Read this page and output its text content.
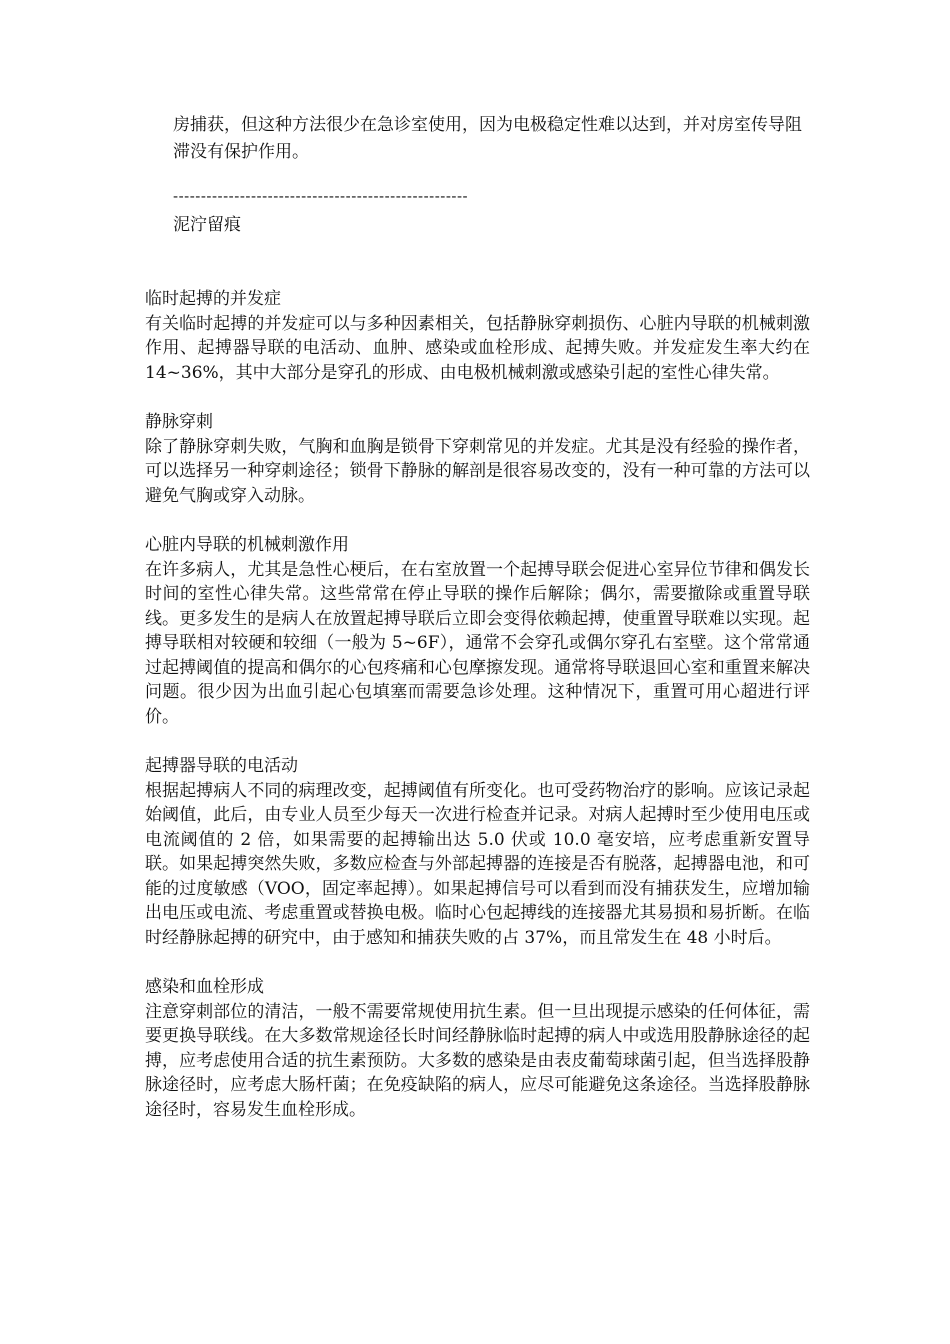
房捕获，但这种方法很少在急诊室使用，因为电极稳定性难以达到，并对房室传导阻滞没有保护作用。
-----------------------------------------------------
泥泞留痕
临时起搏的并发症
有关临时起搏的并发症可以与多种因素相关，包括静脉穿刺损伤、心脏内导联的机械刺激作用、起搏器导联的电活动、血肿、感染或血栓形成、起搏失败。并发症发生率大约在 14~36%，其中大部分是穿孔的形成、由电极机械刺激或感染引起的室性心律失常。
静脉穿刺
除了静脉穿刺失败，气胸和血胸是锁骨下穿刺常见的并发症。尤其是没有经验的操作者，可以选择另一种穿刺途径；锁骨下静脉的解剖是很容易改变的，没有一种可靠的方法可以避免气胸或穿入动脉。
心脏内导联的机械刺激作用
在许多病人，尤其是急性心梗后，在右室放置一个起搏导联会促进心室异位节律和偶发长时间的室性心律失常。这些常常在停止导联的操作后解除；偶尔，需要撤除或重置导联线。更多发生的是病人在放置起搏导联后立即会变得依赖起搏，使重置导联难以实现。起搏导联相对较硬和较细（一般为 5~6F），通常不会穿孔或偶尔穿孔右室壁。这个常常通过起搏阈值的提高和偶尔的心包疼痛和心包摩擦发现。通常将导联退回心室和重置来解决问题。很少因为出血引起心包填塞而需要急诊处理。这种情况下，重置可用心超进行评价。
起搏器导联的电活动
根据起搏病人不同的病理改变，起搏阈值有所变化。也可受药物治疗的影响。应该记录起始阈值，此后，由专业人员至少每天一次进行检查并记录。对病人起搏时至少使用电压或电流阈值的 2 倍，如果需要的起搏输出达 5.0 伏或 10.0 毫安培，应考虑重新安置导联。如果起搏突然失败，多数应检查与外部起搏器的连接是否有脱落，起搏器电池，和可能的过度敏感（VOO，固定率起搏）。如果起搏信号可以看到而没有捕获发生，应增加输出电压或电流、考虑重置或替换电极。临时心包起搏线的连接器尤其易损和易折断。在临时经静脉起搏的研究中，由于感知和捕获失败的占 37%，而且常发生在 48 小时后。
感染和血栓形成
注意穿刺部位的清洁，一般不需要常规使用抗生素。但一旦出现提示感染的任何体征，需要更换导联线。在大多数常规途径长时间经静脉临时起搏的病人中或选用股静脉途径的起搏，应考虑使用合适的抗生素预防。大多数的感染是由表皮葡萄球菌引起，但当选择股静脉途径时，应考虑大肠杆菌；在免疫缺陷的病人，应尽可能避免这条途径。当选择股静脉途径时，容易发生血栓形成。
